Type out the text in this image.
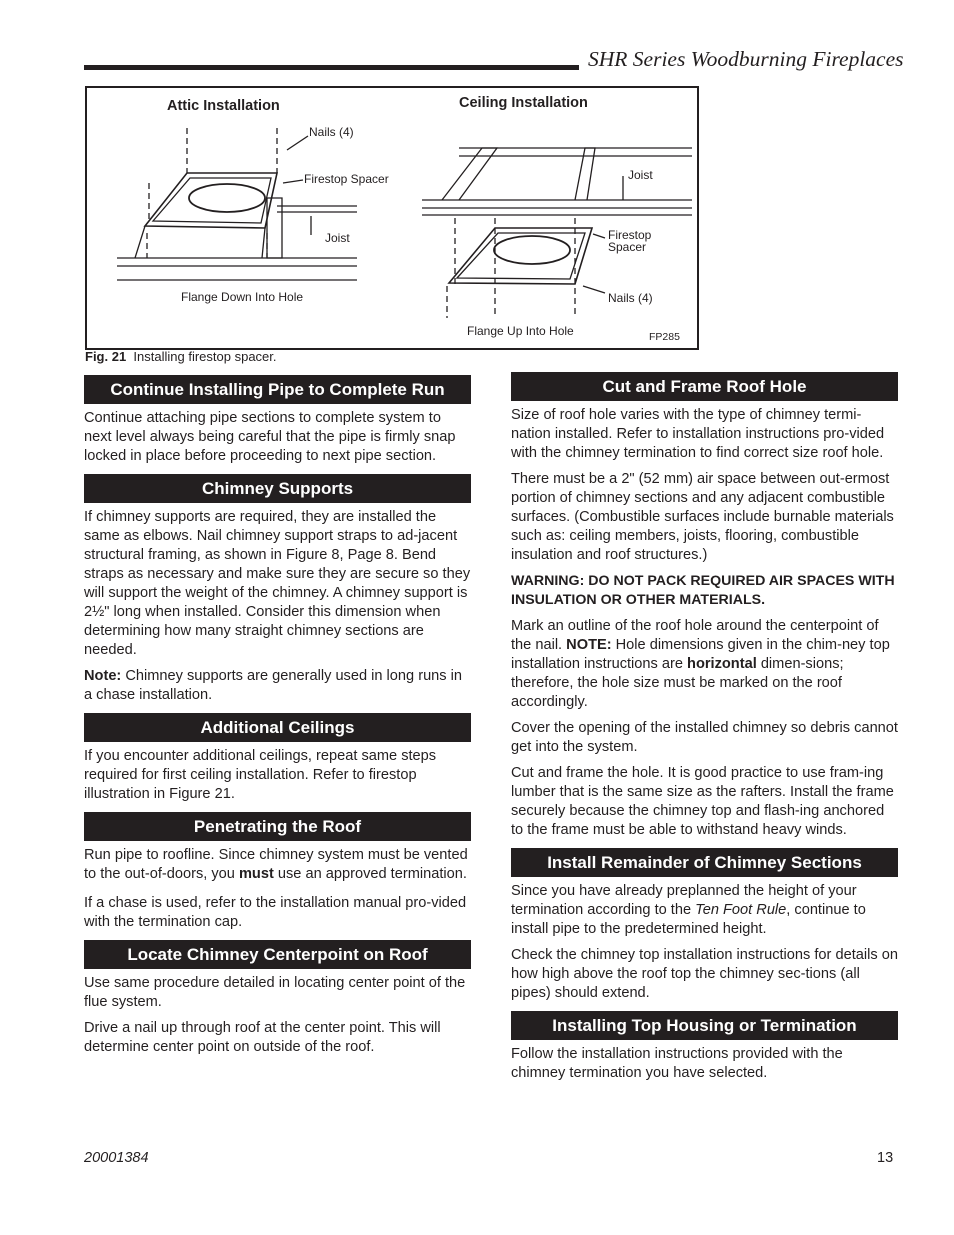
SHR Series Woodburning Fireplaces
Attic Installation	Ceiling Installation
Nails (4)
Firestop Spacer
Joist
Flange Down Into Hole
Joist
Firestop
Spacer
Nails (4)
Flange Up Into Hole	FP285
Fig. 21 Installing firestop spacer.
Continue Installing Pipe to Complete Run

Continue attaching pipe sections to complete system to next level always being careful that the pipe is firmly snap locked in place before proceeding to next pipe section.

Chimney Supports

If chimney supports are required, they are installed the same as elbows. Nail chimney support straps to ad-jacent structural framing, as shown in Figure 8, Page 8. Bend straps as necessary and make sure they are secure so they will support the weight of the chimney. A chimney support is 2½" long when installed. Consider this dimension when determining how many straight chimney sections are needed.

Note: Chimney supports are generally used in long runs in a chase installation.

Additional Ceilings

If you encounter additional ceilings, repeat same steps required for first ceiling installation. Refer to firestop illustration in Figure 21.

Penetrating the Roof

Run pipe to roofline. Since chimney system must be vented to the out-of-doors, you must use an approved termination.

If a chase is used, refer to the installation manual pro-vided with the termination cap.

Locate Chimney Centerpoint on Roof

Use same procedure detailed in locating center point of the flue system.

Drive a nail up through roof at the center point. This will determine center point on outside of the roof.

Cut and Frame Roof Hole

Size of roof hole varies with the type of chimney termi-nation installed. Refer to installation instructions pro-vided with the chimney termination to find correct size roof hole.

There must be a 2" (52 mm) air space between out-ermost portion of chimney sections and any adjacent combustible surfaces. (Combustible surfaces include burnable materials such as: ceiling members, joists, flooring, combustible insulation and roof structures.)

WARNING: DO NOT PACK REQUIRED AIR SPACES WITH INSULATION OR OTHER MATERIALS.

Mark an outline of the roof hole around the centerpoint of the nail. NOTE: Hole dimensions given in the chim-ney top installation instructions are horizontal dimen-sions; therefore, the hole size must be marked on the roof accordingly.

Cover the opening of the installed chimney so debris cannot get into the system.

Cut and frame the hole. It is good practice to use fram-ing lumber that is the same size as the rafters. Install the frame securely because the chimney top and flash-ing anchored to the frame must be able to withstand heavy winds.

Install Remainder of Chimney Sections

Since you have already preplanned the height of your termination according to the Ten Foot Rule, continue to install pipe to the predetermined height.

Check the chimney top installation instructions for details on how high above the roof top the chimney sec-tions (all pipes) should extend.

Installing Top Housing or Termination

Follow the installation instructions provided with the chimney termination you have selected.

20001384	13
